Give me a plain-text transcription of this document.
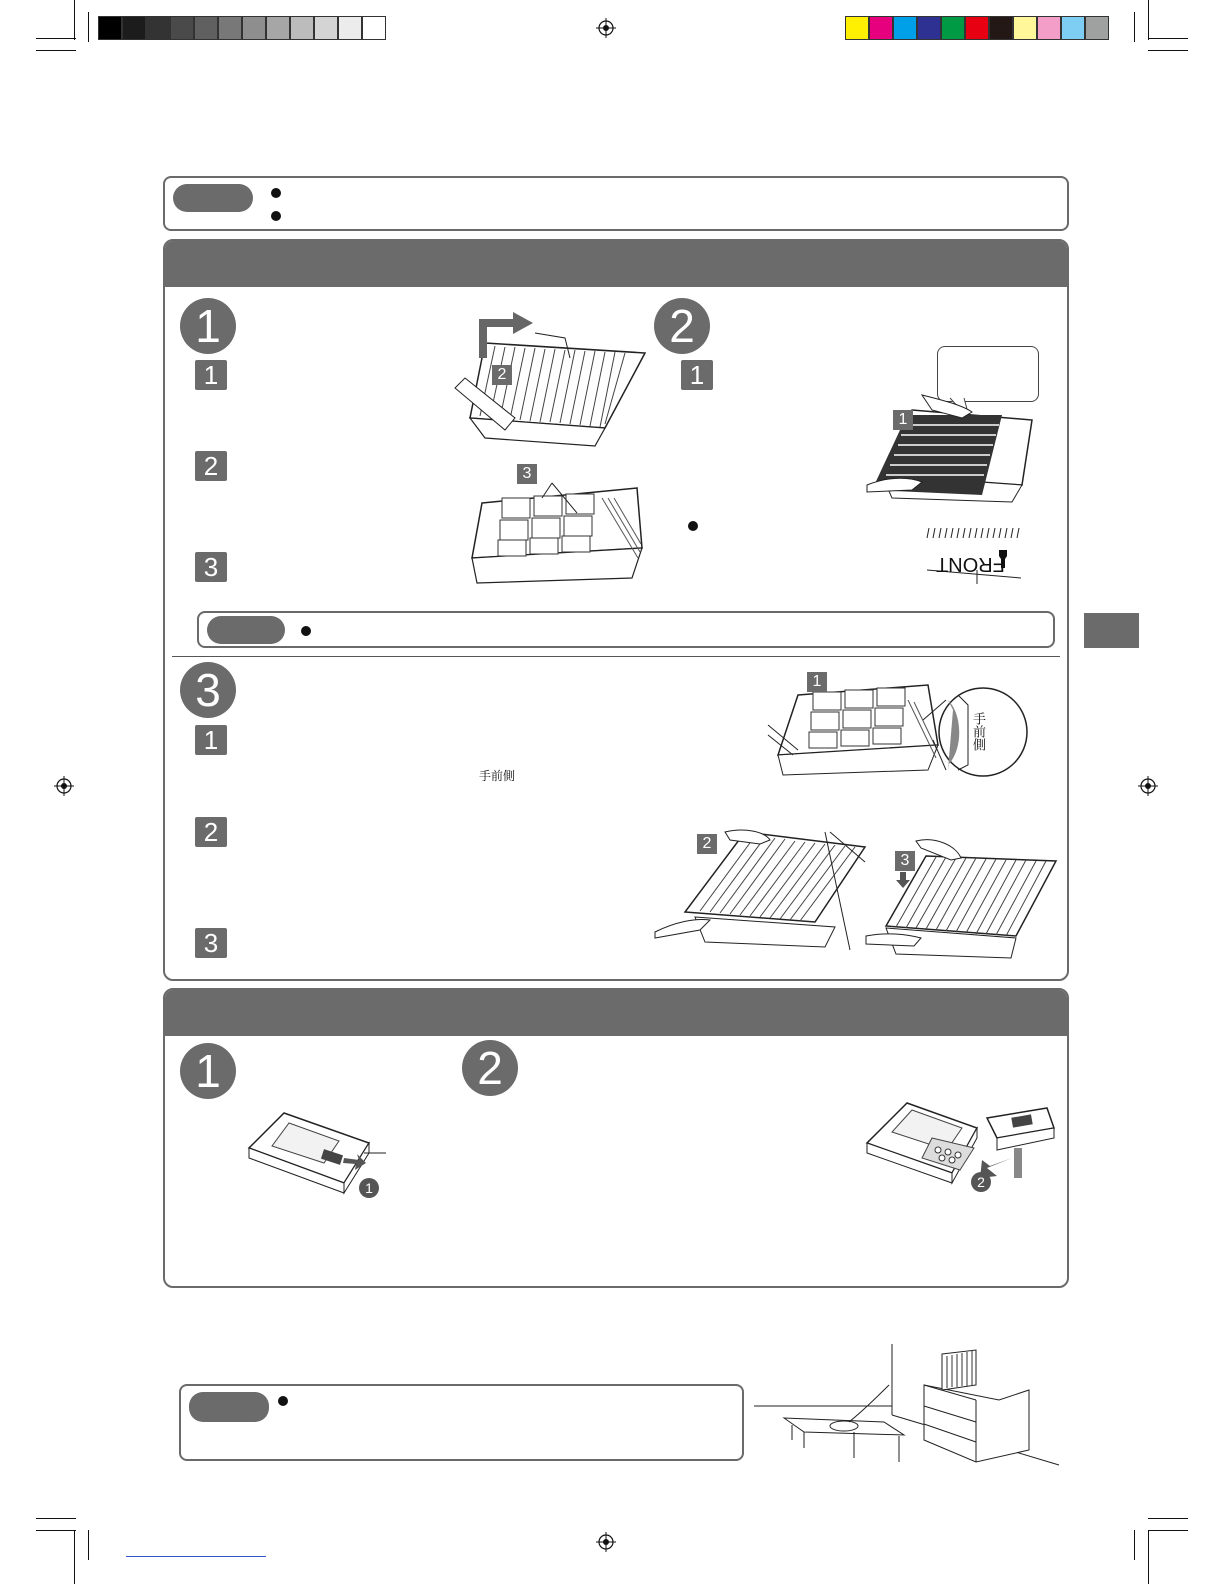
1
1
2
3
2
3
2
1
1
FRONT
3
1
2
3
手前側
1
手前側
2
3
1	2
1	2
